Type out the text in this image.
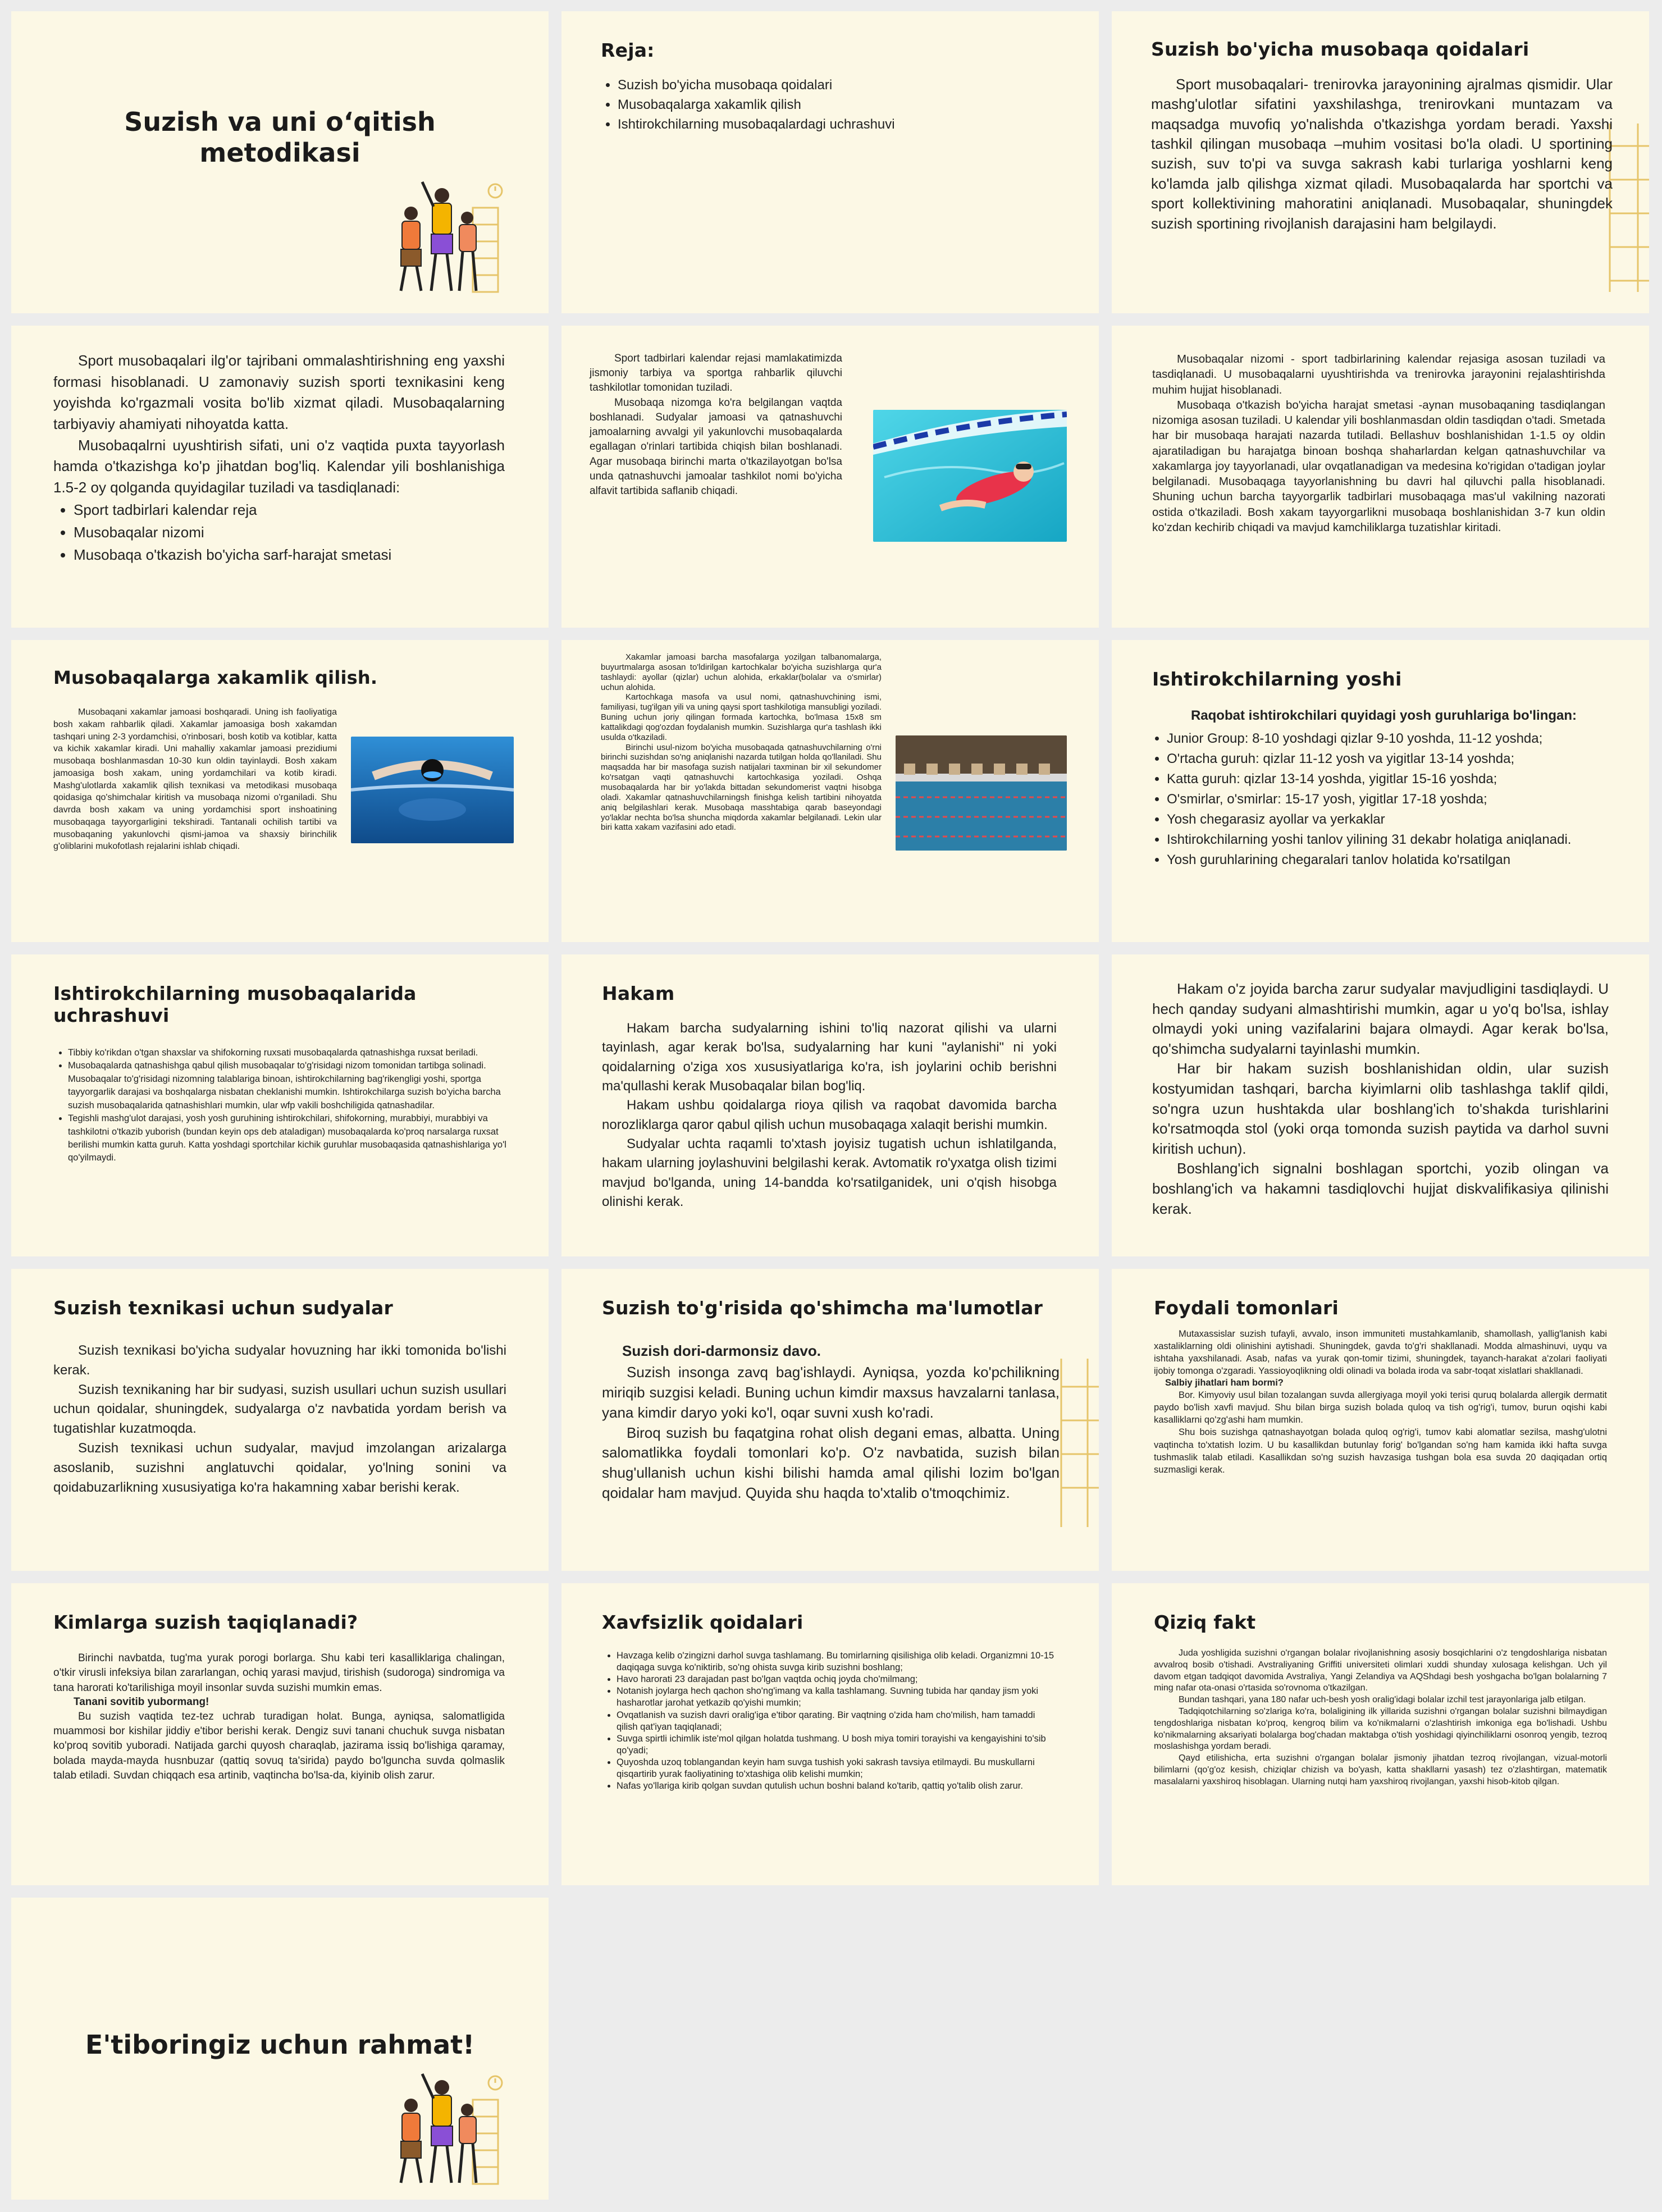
Suzish va uni o‘qitish metodikasi
Reja:
• Suzish bo'yicha musobaqa qoidalari
• Musobaqalarga xakamlik qilish
• Ishtirokchilarning musobaqalardagi uchrashuvi
Suzish bo'yicha musobaqa qoidalari

Sport musobaqalari- trenirovka jarayonining ajralmas qismidir. Ular mashg'ulotlar sifatini yaxshilashga, trenirovkani muntazam va maqsadga muvofiq yo'nalishda o'tkazishga yordam beradi. Yaxshi tashkil qilingan musobaqa –muhim vositasi bo'la oladi. U sportining suzish, suv to'pi va suvga sakrash kabi turlariga yoshlarni keng ko'lamda jalb qilishga xizmat qiladi. Musobaqalarda har sportchi va sport kollektivining mahoratini aniqlanadi. Musobaqalar, shuningdek suzish sportining rivojlanish darajasini ham belgilaydi.

Sport musobaqalari ilg'or tajribani ommalashtirishning eng yaxshi formasi hisoblanadi. U zamonaviy suzish sporti texnikasini keng yoyishda ko'rgazmali vosita bo'lib xizmat qiladi. Musobaqalarning tarbiyaviy ahamiyati nihoyatda katta.

Musobaqalrni uyushtirish sifati, uni o'z vaqtida puxta tayyorlash hamda o'tkazishga ko'p jihatdan bog'liq. Kalendar yili boshlanishiga 1.5-2 oy qolganda quyidagilar tuziladi va tasdiqlanadi:

• Sport tadbirlari kalendar reja
• Musobaqalar nizomi
• Musobaqa o'tkazish bo'yicha sarf-harajat smetasi

Sport tadbirlari kalendar rejasi mamlakatimizda jismoniy tarbiya va sportga rahbarlik qiluvchi tashkilotlar tomonidan tuziladi.

Musobaqa nizomga ko'ra belgilangan vaqtda boshlanadi. Sudyalar jamoasi va qatnashuvchi jamoalarning avvalgi yil yakunlovchi musobaqalarda egallagan o'rinlari tartibida chiqish bilan boshlanadi. Agar musobaqa birinchi marta o'tkazilayotgan bo'lsa unda qatnashuvchi jamoalar tashkilot nomi bo'yicha alfavit tartibida saflanib chiqadi.

Musobaqalar nizomi - sport tadbirlarining kalendar rejasiga asosan tuziladi va tasdiqlanadi. U musobaqalarni uyushtirishda va trenirovka jarayonini rejalashtirishda muhim hujjat hisoblanadi.

Musobaqa o'tkazish bo'yicha harajat smetasi -aynan musobaqaning tasdiqlangan nizomiga asosan tuziladi. U kalendar yili boshlanmasdan oldin tasdiqdan o'tadi. Smetada har bir musobaqa harajati nazarda tutiladi. Bellashuv boshlanishidan 1-1.5 oy oldin ajaratiladigan bu harajatga binoan boshqa shaharlardan kelgan qatnashuvchilar va xakamlarga joy tayyorlanadi, ular ovqatlanadigan va medesina ko'rigidan o'tadigan joylar belgilanadi. Musobaqaga tayyorlanishning bu davri hal qiluvchi palla hisoblanadi. Shuning uchun barcha tayyorgarlik tadbirlari musobaqaga mas'ul vakilning nazorati ostida o'tkaziladi. Bosh xakam tayyorgarlikni musobaqa boshlanishidan 3-7 kun oldin ko'zdan kechirib chiqadi va mavjud kamchiliklarga tuzatishlar kiritadi.

Musobaqalarga xakamlik qilish.

Musobaqani xakamlar jamoasi boshqaradi. Uning ish faoliyatiga bosh xakam rahbarlik qiladi. Xakamlar jamoasiga bosh xakamdan tashqari uning 2-3 yordamchisi, o'rinbosari, bosh kotib va kotiblar, katta va kichik xakamlar kiradi. Uni mahalliy xakamlar jamoasi prezidiumi musobaqa boshlanmasdan 10-30 kun oldin tayinlaydi. Bosh xakam jamoasiga bosh xakam, uning yordamchilari va kotib kiradi. Mashg'ulotlarda xakamlik qilish texnikasi va metodikasi musobaqa qoidasiga qo'shimchalar kiritish va musobaqa nizomi o'rganiladi. Shu davrda bosh xakam va uning yordamchisi sport inshoatining musobaqaga tayyorgarligini tekshiradi. Tantanali ochilish tartibi va musobaqaning yakunlovchi qismi-jamoa va shaxsiy birinchilik g'oliblarini mukofotlash rejalarini ishlab chiqadi.

Xakamlar jamoasi barcha masofalarga yozilgan talbanomalarga, buyurtmalarga asosan to'ldirilgan kartochkalar bo'yicha suzishlarga qur'a tashlaydi: ayollar (qizlar) uchun alohida, erkaklar(bolalar va o'smirlar) uchun alohida.

Kartochkaga masofa va usul nomi, qatnashuvchining ismi, familiyasi, tug'ilgan yili va uning qaysi sport tashkilotiga mansubligi yoziladi. Buning uchun joriy qilingan formada kartochka, bo'lmasa 15x8 sm kattalikdagi qog'ozdan foydalanish mumkin. Suzishlarga qur'a tashlash ikki usulda o'tkaziladi.

Birinchi usul-nizom bo'yicha musobaqada qatnashuvchilarning o'rni birinchi suzishdan so'ng aniqlanishi nazarda tutilgan holda qo'llaniladi. Shu maqsadda har bir masofaga suzish natijalari taxminan bir xil sekundomer ko'rsatgan vaqti qatnashuvchi kartochkasiga yoziladi. Oshqa musobaqalarda har bir yo'lakda bittadan sekundomerist vaqtni hisobga oladi. Xakamlar qatnashuvchilarningsh finishga kelish tartibini nihoyatda aniq belgilashlari kerak. Musobaqa masshtabiga qarab baseyondagi yo'laklar nechta bo'lsa shuncha miqdorda xakamlar belgilanadi. Lekin ular biri katta xakam vazifasini ado etadi.

Ishtirokchilarning yoshi

Raqobat ishtirokchilari quyidagi yosh guruhlariga bo'lingan:

• Junior Group: 8-10 yoshdagi qizlar 9-10 yoshda, 11-12 yoshda;
• O'rtacha guruh: qizlar 11-12 yosh va yigitlar 13-14 yoshda;
• Katta guruh: qizlar 13-14 yoshda, yigitlar 15-16 yoshda;
• O'smirlar, o'smirlar: 15-17 yosh, yigitlar 17-18 yoshda;
• Yosh chegarasiz ayollar va yerkaklar
• Ishtirokchilarning yoshi tanlov yilining 31 dekabr holatiga aniqlanadi.
• Yosh guruhlarining chegaralari tanlov holatida ko'rsatilgan
Ishtirokchilarning musobaqalarida uchrashuvi
• Tibbiy ko'rikdan o'tgan shaxslar va shifokorning ruxsati musobaqalarda qatnashishga ruxsat beriladi.
• Musobaqalarda qatnashishga qabul qilish musobaqalar to'g'risidagi nizom tomonidan tartibga solinadi. Musobaqalar to'g'risidagi nizomning talablariga binoan, ishtirokchilarning bag'rikengligi yoshi, sportga tayyorgarlik darajasi va boshqalarga nisbatan cheklanishi mumkin. Ishtirokchilarga suzish bo'yicha barcha suzish musobaqalarida qatnashishlari mumkin, ular wfp vakili boshchiligida qatnashadilar.
• Tegishli mashg'ulot darajasi, yosh yosh guruhining ishtirokchilari, shifokorning, murabbiyi, murabbiyi va tashkilotni o'tkazib yuborish (bundan keyin ops deb ataladigan) musobaqalarda ko'proq narsalarga ruxsat berilishi mumkin katta guruh. Katta yoshdagi sportchilar kichik guruhlar musobaqasida qatnashishlariga yo'l qo'yilmaydi.
Hakam

Hakam barcha sudyalarning ishini to'liq nazorat qilishi va ularni tayinlash, agar kerak bo'lsa, sudyalarning har kuni "aylanishi" ni yoki qoidalarning o'ziga xos xususiyatlariga ko'ra, ish joylarini ochib berishni ma'qullashi kerak Musobaqalar bilan bog'liq.

Hakam ushbu qoidalarga rioya qilish va raqobat davomida barcha norozliklarga qaror qabul qilish uchun musobaqaga xalaqit berishi mumkin.

Sudyalar uchta raqamli to'xtash joyisiz tugatish uchun ishlatilganda, hakam ularning joylashuvini belgilashi kerak. Avtomatik ro'yxatga olish tizimi mavjud bo'lganda, uning 14-bandda ko'rsatilganidek, uni o'qish hisobga olinishi kerak.

Hakam o'z joyida barcha zarur sudyalar mavjudligini tasdiqlaydi. U hech qanday sudyani almashtirishi mumkin, agar u yo'q bo'lsa, ishlay olmaydi yoki uning vazifalarini bajara olmaydi. Agar kerak bo'lsa, qo'shimcha sudyalarni tayinlashi mumkin.

Har bir hakam suzish boshlanishidan oldin, ular suzish kostyumidan tashqari, barcha kiyimlarni olib tashlashga taklif qildi, so'ngra uzun hushtakda ular boshlang'ich to'shakda turishlarini ko'rsatmoqda stol (yoki orqa tomonda suzish paytida va darhol suvni kiritish uchun).

Boshlang'ich signalni boshlagan sportchi, yozib olingan va boshlang'ich va hakamni tasdiqlovchi hujjat diskvalifikasiya qilinishi kerak.

Suzish texnikasi uchun sudyalar

Suzish texnikasi bo'yicha sudyalar hovuzning har ikki tomonida bo'lishi kerak.

Suzish texnikaning har bir sudyasi, suzish usullari uchun suzish usullari uchun qoidalar, shuningdek, sudyalarga o'z navbatida yordam berish va tugatishlar kuzatmoqda.

Suzish texnikasi uchun sudyalar, mavjud imzolangan arizalarga asoslanib, suzishni anglatuvchi qoidalar, yo'lning sonini va qoidabuzarlikning xususiyatiga ko'ra hakamning xabar berishi kerak.

Suzish to'g'risida qo'shimcha ma'lumotlar

Suzish dori-darmonsiz davo.

Suzish insonga zavq bag'ishlaydi. Ayniqsa, yozda ko'pchilikning miriqib suzgisi keladi. Buning uchun kimdir maxsus havzalarni tanlasa, yana kimdir daryo yoki ko'l, oqar suvni xush ko'radi.

Biroq suzish bu faqatgina rohat olish degani emas, albatta. Uning salomatlikka foydali tomonlari ko'p. O'z navbatida, suzish bilan shug'ullanish uchun kishi bilishi hamda amal qilishi lozim bo'lgan qoidalar ham mavjud. Quyida shu haqda to'xtalib o'tmoqchimiz.

Foydali tomonlari

Mutaxassislar suzish tufayli, avvalo, inson immuniteti mustahkamlanib, shamollash, yallig'lanish kabi xastaliklarning oldi olinishini aytishadi. Shuningdek, gavda to'g'ri shakllanadi. Modda almashinuvi, uyqu va ishtaha yaxshilanadi. Asab, nafas va yurak qon-tomir tizimi, shuningdek, tayanch-harakat a'zolari faoliyati ijobiy tomonga o'zgaradi. Yassioyoqlikning oldi olinadi va bolada iroda va sabr-toqat xislatlari shakllanadi.

Salbiy jihatlari ham bormi?

Bor. Kimyoviy usul bilan tozalangan suvda allergiyaga moyil yoki terisi quruq bolalarda allergik dermatit paydo bo'lish xavfi mavjud. Shu bilan birga suzish bolada quloq va tish og'rig'i, tumov, burun oqishi kabi kasalliklarni qo'zg'ashi ham mumkin.

Shu bois suzishga qatnashayotgan bolada quloq og'rig'i, tumov kabi alomatlar sezilsa, mashg'ulotni vaqtincha to'xtatish lozim. U bu kasallikdan butunlay forig' bo'lgandan so'ng ham kamida ikki hafta suvga tushmaslik talab etiladi. Kasallikdan so'ng suzish havzasiga tushgan bola esa suvda 20 daqiqadan ortiq suzmasligi kerak.

Kimlarga suzish taqiqlanadi?

Birinchi navbatda, tug'ma yurak porogi borlarga. Shu kabi teri kasalliklariga chalingan, o'tkir virusli infeksiya bilan zararlangan, ochiq yarasi mavjud, tirishish (sudoroga) sindromiga va tana harorati ko'tarilishiga moyil insonlar suvda suzishi mumkin emas.

Tanani sovitib yubormang!

Bu suzish vaqtida tez-tez uchrab turadigan holat. Bunga, ayniqsa, salomatligida muammosi bor kishilar jiddiy e'tibor berishi kerak. Dengiz suvi tanani chuchuk suvga nisbatan ko'proq sovitib yuboradi. Natijada garchi quyosh charaqlab, jazirama issiq bo'lishiga qaramay, bolada mayda-mayda husnbuzar (qattiq sovuq ta'sirida) paydo bo'lguncha suvda qolmaslik talab etiladi. Suvdan chiqqach esa artinib, vaqtincha bo'lsa-da, kiyinib olish zarur.

Xavfsizlik qoidalari
• Havzaga kelib o'zingizni darhol suvga tashlamang. Bu tomirlarning qisilishiga olib keladi. Organizmni 10-15 daqiqaga suvga ko'niktirib, so'ng ohista suvga kirib suzishni boshlang;
• Havo harorati 23 darajadan past bo'lgan vaqtda ochiq joyda cho'milmang;
• Notanish joylarga hech qachon sho'ng'imang va kalla tashlamang. Suvning tubida har qanday jism yoki hasharotlar jarohat yetkazib qo'yishi mumkin;
• Ovqatlanish va suzish davri oralig'iga e'tibor qarating. Bir vaqtning o'zida ham cho'milish, ham tamaddi qilish qat'iyan taqiqlanadi;
• Suvga spirtli ichimlik iste'mol qilgan holatda tushmang. U bosh miya tomiri torayishi va kengayishini to'sib qo'yadi;
• Quyoshda uzoq toblangandan keyin ham suvga tushish yoki sakrash tavsiya etilmaydi. Bu muskullarni qisqartirib yurak faoliyatining to'xtashiga olib kelishi mumkin;
• Nafas yo'llariga kirib qolgan suvdan qutulish uchun boshni baland ko'tarib, qattiq yo'talib olish zarur.
Qiziq fakt

Juda yoshligida suzishni o'rgangan bolalar rivojlanishning asosiy bosqichlarini o'z tengdoshlariga nisbatan avvalroq bosib o'tishadi. Avstraliyaning Griffiti universiteti olimlari xuddi shunday xulosaga kelishgan. Uch yil davom etgan tadqiqot davomida Avstraliya, Yangi Zelandiya va AQShdagi besh yoshgacha bo'lgan bolalarning 7 ming nafar ota-onasi o'rtasida so'rovnoma o'tkazilgan.

Bundan tashqari, yana 180 nafar uch-besh yosh oralig'idagi bolalar izchil test jarayonlariga jalb etilgan.

Tadqiqotchilarning so'zlariga ko'ra, bolaligining ilk yillarida suzishni o'rgangan bolalar suzishni bilmaydigan tengdoshlariga nisbatan ko'proq, kengroq bilim va ko'nikmalarni o'zlashtirish imkoniga ega bo'lishadi. Ushbu ko'nikmalarning aksariyati bolalarga bog'chadan maktabga o'tish yoshidagi qiyinchiliklarni osonroq yengib, tezroq moslashishga yordam beradi.

Qayd etilishicha, erta suzishni o'rgangan bolalar jismoniy jihatdan tezroq rivojlangan, vizual-motorli bilimlarni (qo'g'oz kesish, chiziqlar chizish va bo'yash, katta shakllarni yasash) tez o'zlashtirgan, matematik masalalarni yaxshiroq hisoblagan. Ularning nutqi ham yaxshiroq rivojlangan, yaxshi hisob-kitob qilgan.

E'tiboringiz uchun rahmat!
